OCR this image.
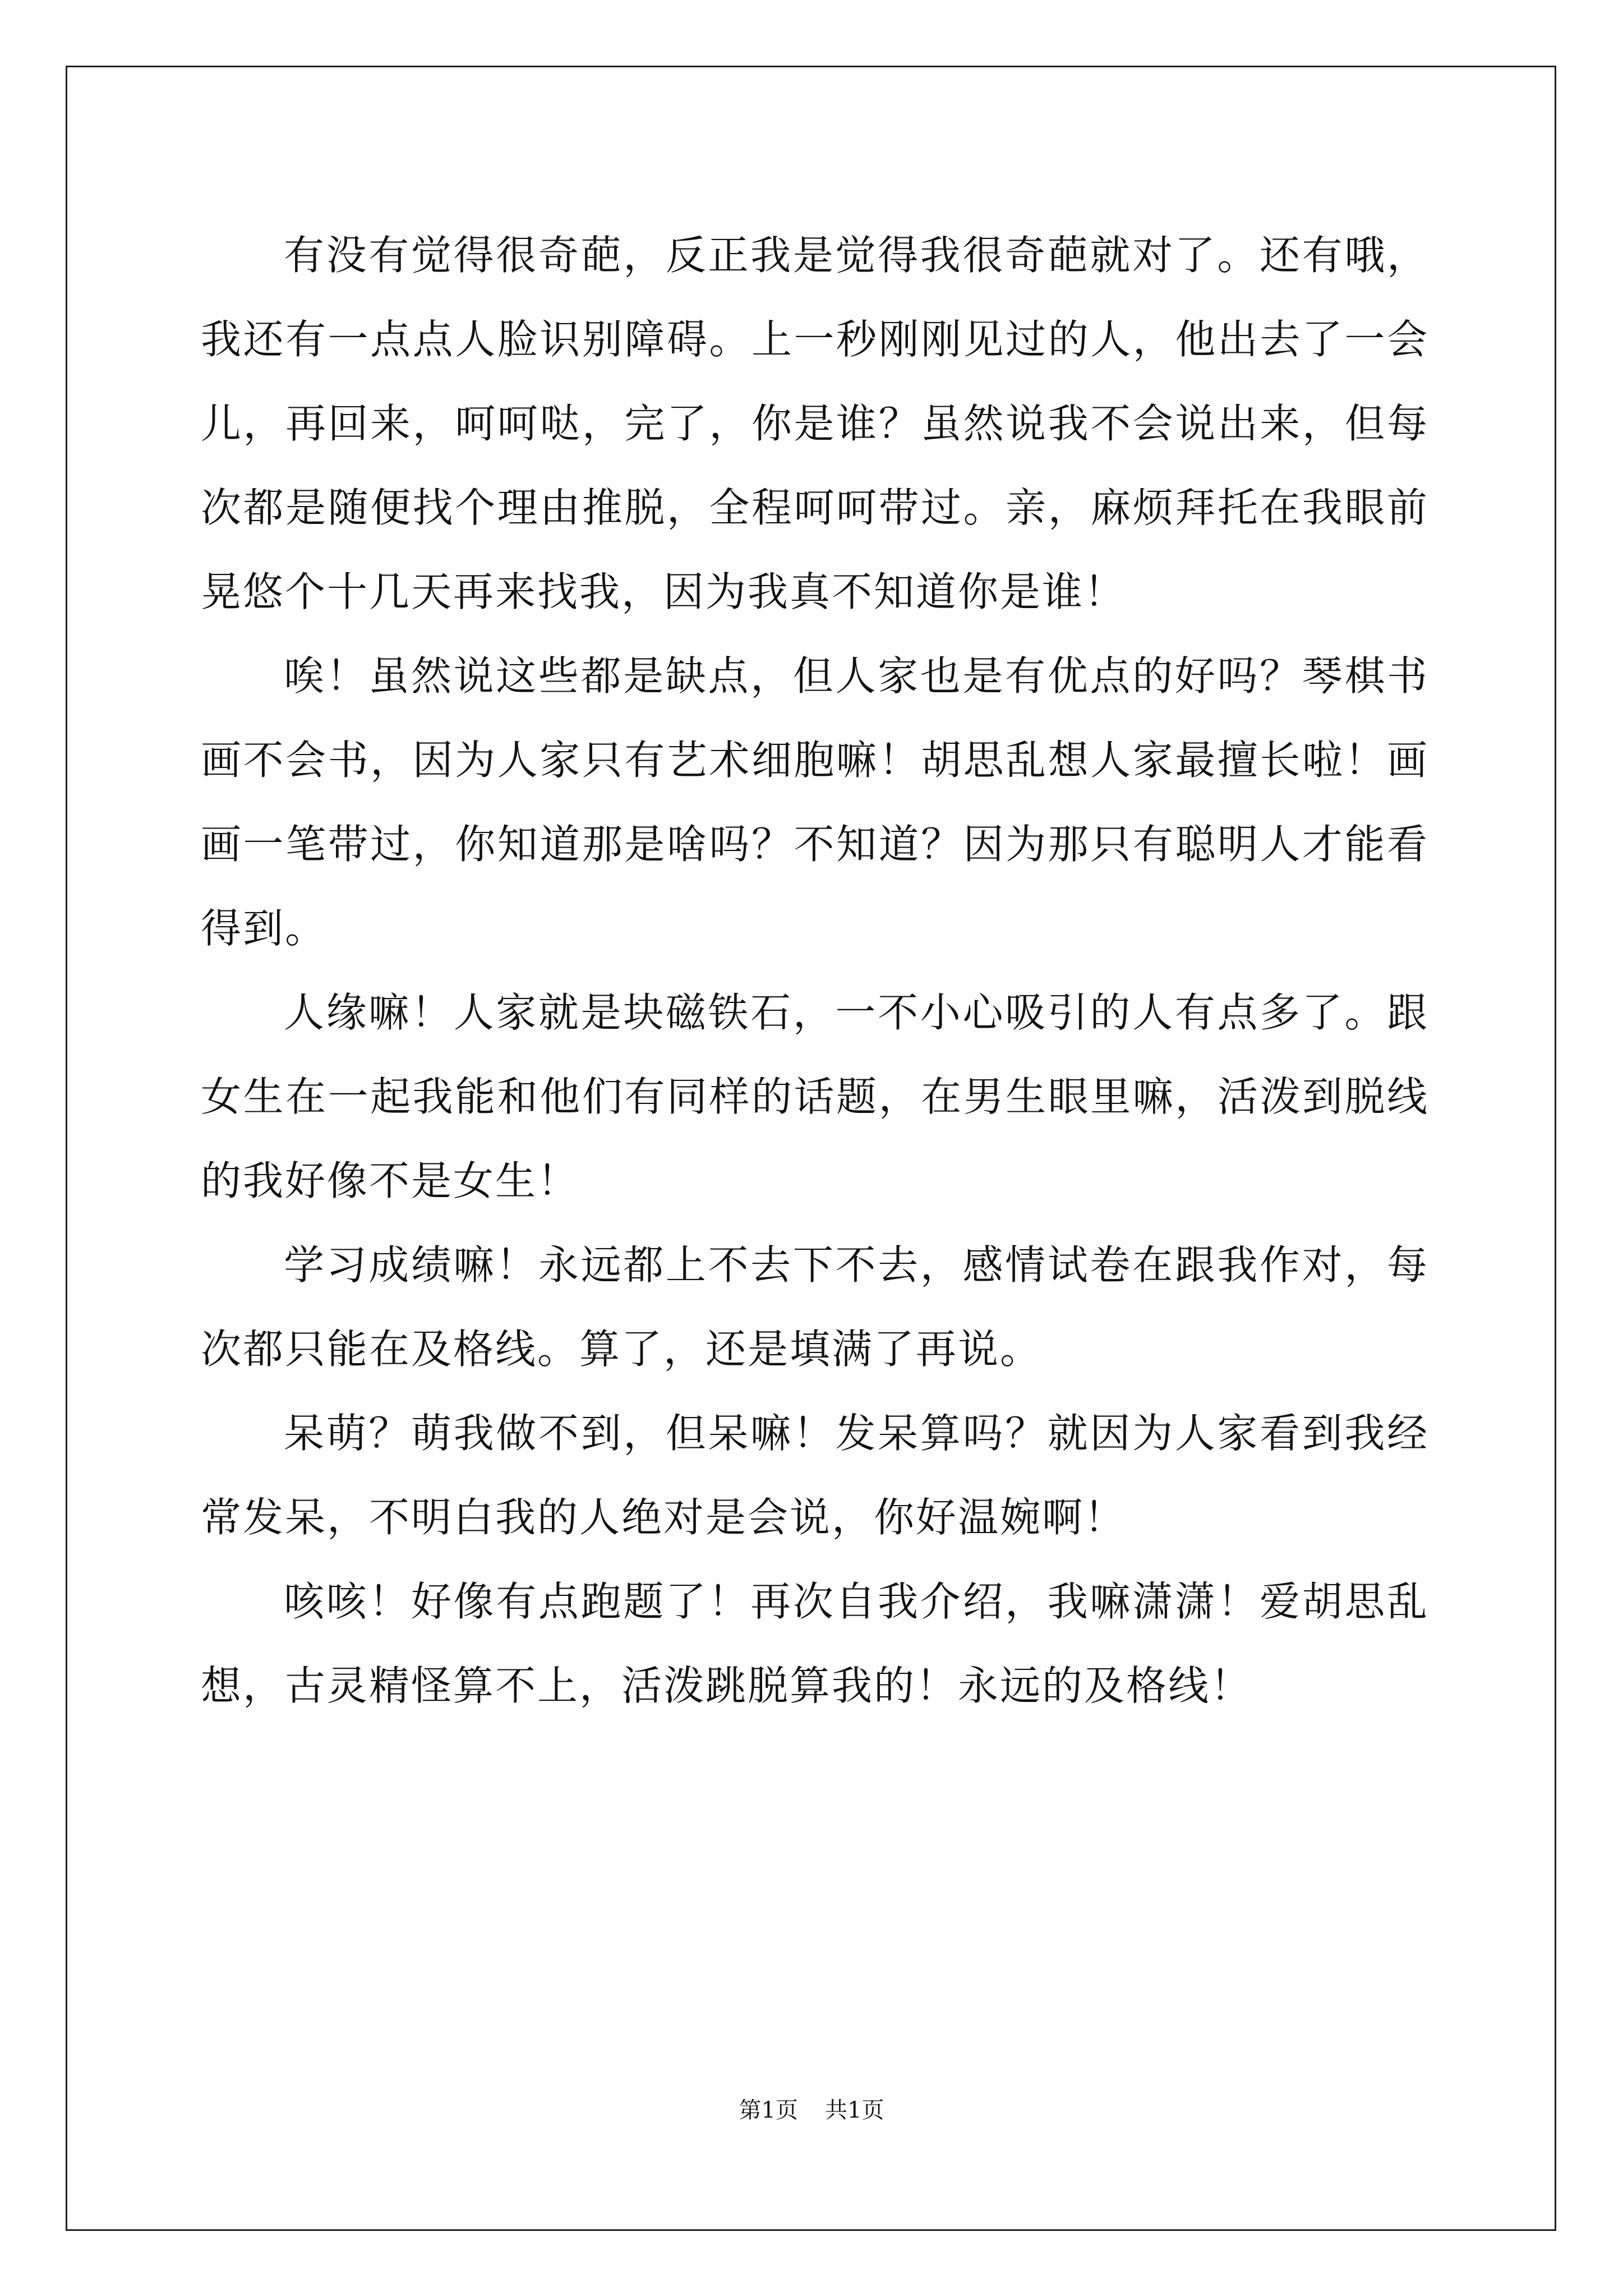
有没有觉得很奇葩，反正我是觉得我很奇葩就对了。还有哦，我还有一点点人脸识别障碍。上一秒刚刚见过的人，他出去了一会儿，再回来，呵呵哒，完了，你是谁？虽然说我不会说出来，但每次都是随便找个理由推脱，全程呵呵带过。亲，麻烦拜托在我眼前晃悠个十几天再来找我，因为我真不知道你是谁！

唉！虽然说这些都是缺点，但人家也是有优点的好吗？琴棋书画不会书，因为人家只有艺术细胞嘛！胡思乱想人家最擅长啦！画画一笔带过，你知道那是啥吗？不知道？因为那只有聪明人才能看得到。

人缘嘛！人家就是块磁铁石，一不小心吸引的人有点多了。跟女生在一起我能和他们有同样的话题，在男生眼里嘛，活泼到脱线的我好像不是女生！

学习成绩嘛！永远都上不去下不去，感情试卷在跟我作对，每次都只能在及格线。算了，还是填满了再说。

呆萌？萌我做不到，但呆嘛！发呆算吗？就因为人家看到我经常发呆，不明白我的人绝对是会说，你好温婉啊！

咳咳！好像有点跑题了！再次自我介绍，我嘛潇潇！爱胡思乱想，古灵精怪算不上，活泼跳脱算我的！永远的及格线！

第1页 共1页
